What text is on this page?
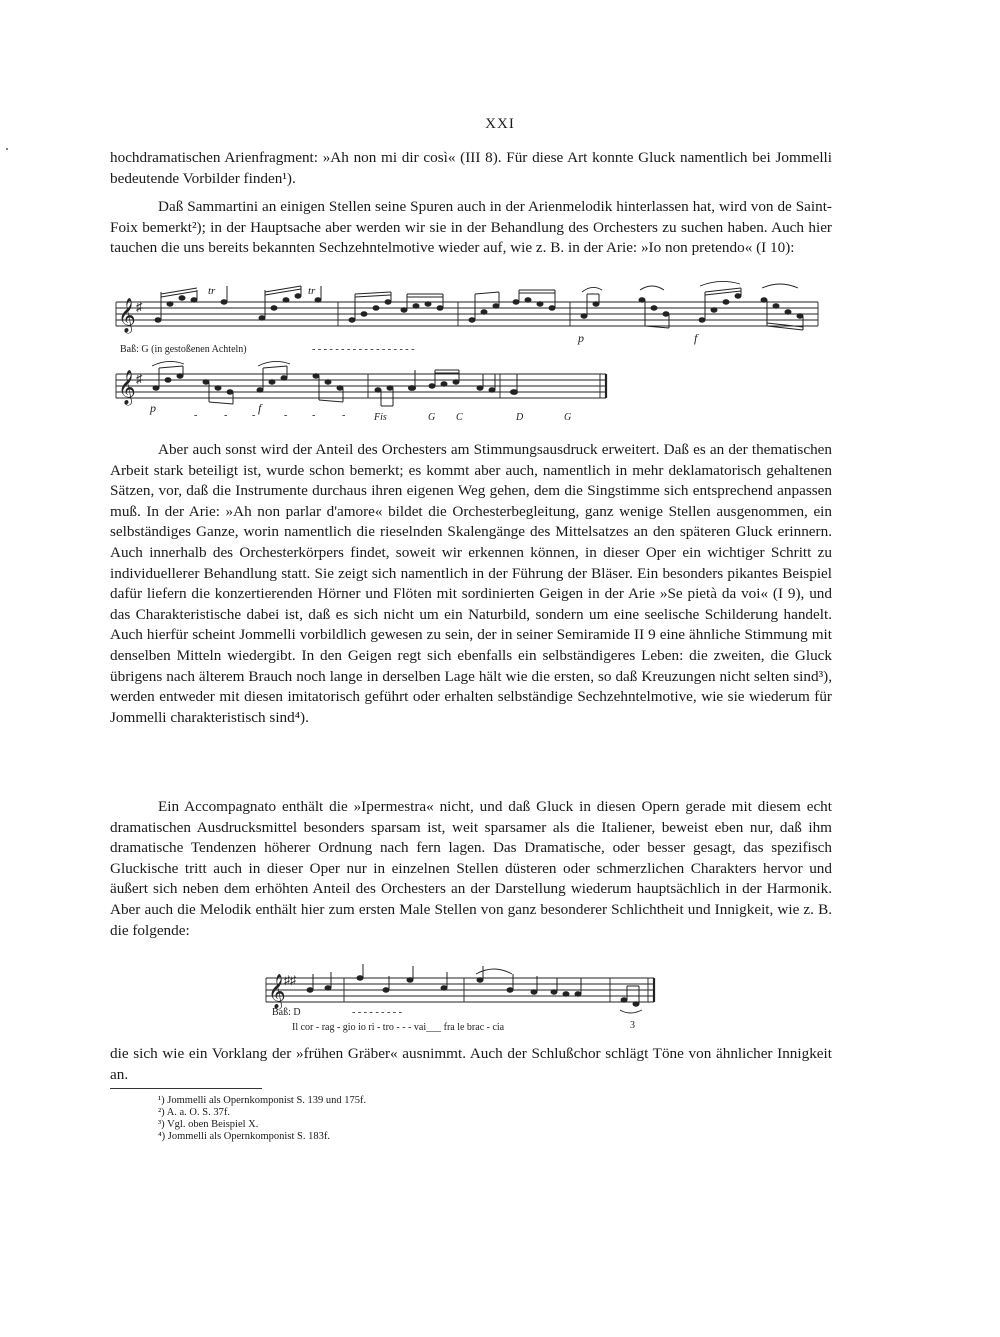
XXI

hochdramatischen Arienfragment: »Ah non mi dir così« (III 8). Für diese Art konnte Gluck namentlich bei Jommelli bedeutende Vorbilder finden¹).

Daß Sammartini an einigen Stellen seine Spuren auch in der Arienmelodik hinterlassen hat, wird von de Saint-Foix bemerkt²); in der Hauptsache aber werden wir sie in der Behandlung des Orchesters zu suchen haben. Auch hier tauchen die uns bereits bekannten Sechzehntelmotive wieder auf, wie z. B. in der Arie: »Io non pretendo« (I 10):

𝄞 ♯
tr	tr
p	f
Baß: G (in gestoßenen Achteln)	- - - - - - - - - - - - - - - - - -
𝄞 ♯
p	f
-	- -	- -	-	Fis	G C	D	G

Aber auch sonst wird der Anteil des Orchesters am Stimmungsausdruck erweitert. Daß es an der thematischen Arbeit stark beteiligt ist, wurde schon bemerkt; es kommt aber auch, namentlich in mehr deklamatorisch gehaltenen Sätzen, vor, daß die Instrumente durchaus ihren eigenen Weg gehen, dem die Singstimme sich entsprechend anpassen muß. In der Arie: »Ah non parlar d'amore« bildet die Orchesterbegleitung, ganz wenige Stellen ausgenommen, ein selbständiges Ganze, worin namentlich die rieselnden Skalengänge des Mittelsatzes an den späteren Gluck erinnern. Auch innerhalb des Orchesterkörpers findet, soweit wir erkennen können, in dieser Oper ein wichtiger Schritt zu individuellerer Behandlung statt. Sie zeigt sich namentlich in der Führung der Bläser. Ein besonders pikantes Beispiel dafür liefern die konzertierenden Hörner und Flöten mit sordinierten Geigen in der Arie »Se pietà da voi« (I 9), und das Charakteristische dabei ist, daß es sich nicht um ein Naturbild, sondern um eine seelische Schilderung handelt. Auch hierfür scheint Jommelli vorbildlich gewesen zu sein, der in seiner Semiramide II 9 eine ähnliche Stimmung mit denselben Mitteln wiedergibt. In den Geigen regt sich ebenfalls ein selbständigeres Leben: die zweiten, die Gluck übrigens nach älterem Brauch noch lange in derselben Lage hält wie die ersten, so daß Kreuzungen nicht selten sind³), werden entweder mit diesen imitatorisch geführt oder erhalten selbständige Sechzehntelmotive, wie sie wiederum für Jommelli charakteristisch sind⁴).

Ein Accompagnato enthält die »Ipermestra« nicht, und daß Gluck in diesen Opern gerade mit diesem echt dramatischen Ausdrucksmittel besonders sparsam ist, weit sparsamer als die Italiener, beweist eben nur, daß ihm dramatische Tendenzen höherer Ordnung nach fern lagen. Das Dramatische, oder besser gesagt, das spezifisch Gluckische tritt auch in dieser Oper nur in einzelnen Stellen düsteren oder schmerzlichen Charakters hervor und äußert sich neben dem erhöhten Anteil des Orchesters an der Darstellung wiederum hauptsächlich in der Harmonik. Aber auch die Melodik enthält hier zum ersten Male Stellen von ganz besonderer Schlichtheit und Innigkeit, wie z. B. die folgende:

𝄞
♯♯
3
Baß: D	- - - - - - - - -
Il cor - rag - gio io ri - tro - - - vai___ fra le brac - cia

die sich wie ein Vorklang der »frühen Gräber« ausnimmt. Auch der Schlußchor schlägt Töne von ähnlicher Innigkeit an.

¹) Jommelli als Opernkomponist S. 139 und 175f.
²) A. a. O. S. 37f.
³) Vgl. oben Beispiel X.
⁴) Jommelli als Opernkomponist S. 183f.
